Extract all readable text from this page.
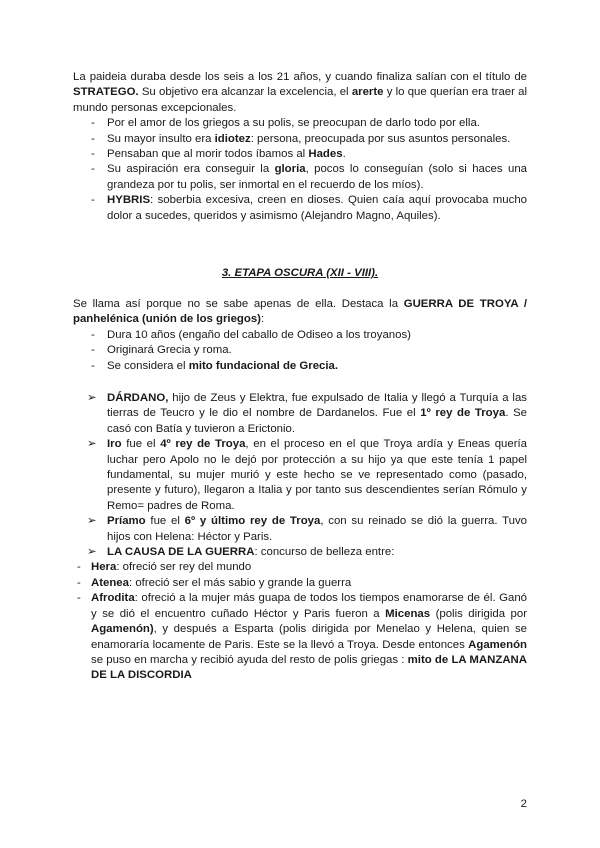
La paideia duraba desde los seis a los 21 años, y cuando finaliza salían con el título de STRATEGO. Su objetivo era alcanzar la excelencia, el arerte y lo que querían era traer al mundo personas excepcionales.

- Por el amor de los griegos a su polis, se preocupan de darlo todo por ella.
- Su mayor insulto era idiotez: persona, preocupada por sus asuntos personales.
- Pensaban que al morir todos íbamos al Hades.
- Su aspiración era conseguir la gloria, pocos lo conseguían (solo si haces una grandeza por tu polis, ser inmortal en el recuerdo de los míos).
- HYBRIS: soberbia excesiva, creen en dioses. Quien caía aquí provocaba mucho dolor a sucedes, queridos y asimismo (Alejandro Magno, Aquiles).
3. ETAPA OSCURA (XII - VIII).

Se llama así porque no se sabe apenas de ella. Destaca la GUERRA DE TROYA / panhelénica (unión de los griegos):

- Dura 10 años (engaño del caballo de Odiseo a los troyanos)
- Originará Grecia y roma.
- Se considera el mito fundacional de Grecia.
➢ DÁRDANO, hijo de Zeus y Elektra, fue expulsado de Italia y llegó a Turquía a las tierras de Teucro y le dio el nombre de Dardanelos. Fue el 1º rey de Troya. Se casó con Batía y tuvieron a Erictonio.
➢ Iro fue el 4º rey de Troya, en el proceso en el que Troya ardía y Eneas quería luchar pero Apolo no le dejó por protección a su hijo ya que este tenía 1 papel fundamental, su mujer murió y este hecho se ve representado como (pasado, presente y futuro), llegaron a Italia y por tanto sus descendientes serían Rómulo y Remo= padres de Roma.
➢ Príamo fue el 6º y último rey de Troya, con su reinado se dió la guerra. Tuvo hijos con Helena: Héctor y Paris.
➢ LA CAUSA DE LA GUERRA: concurso de belleza entre:
- Hera: ofreció ser rey del mundo
- Atenea: ofreció ser el más sabio y grande la guerra
- Afrodita: ofreció a la mujer más guapa de todos los tiempos enamorarse de él. Ganó y se dió el encuentro cuñado Héctor y Paris fueron a Micenas (polis dirigida por Agamenón), y después a Esparta (polis dirigida por Menelao y Helena, quien se enamoraría locamente de Paris. Este se la llevó a Troya. Desde entonces Agamenón se puso en marcha y recibió ayuda del resto de polis griegas : mito de LA MANZANA DE LA DISCORDIA
2
